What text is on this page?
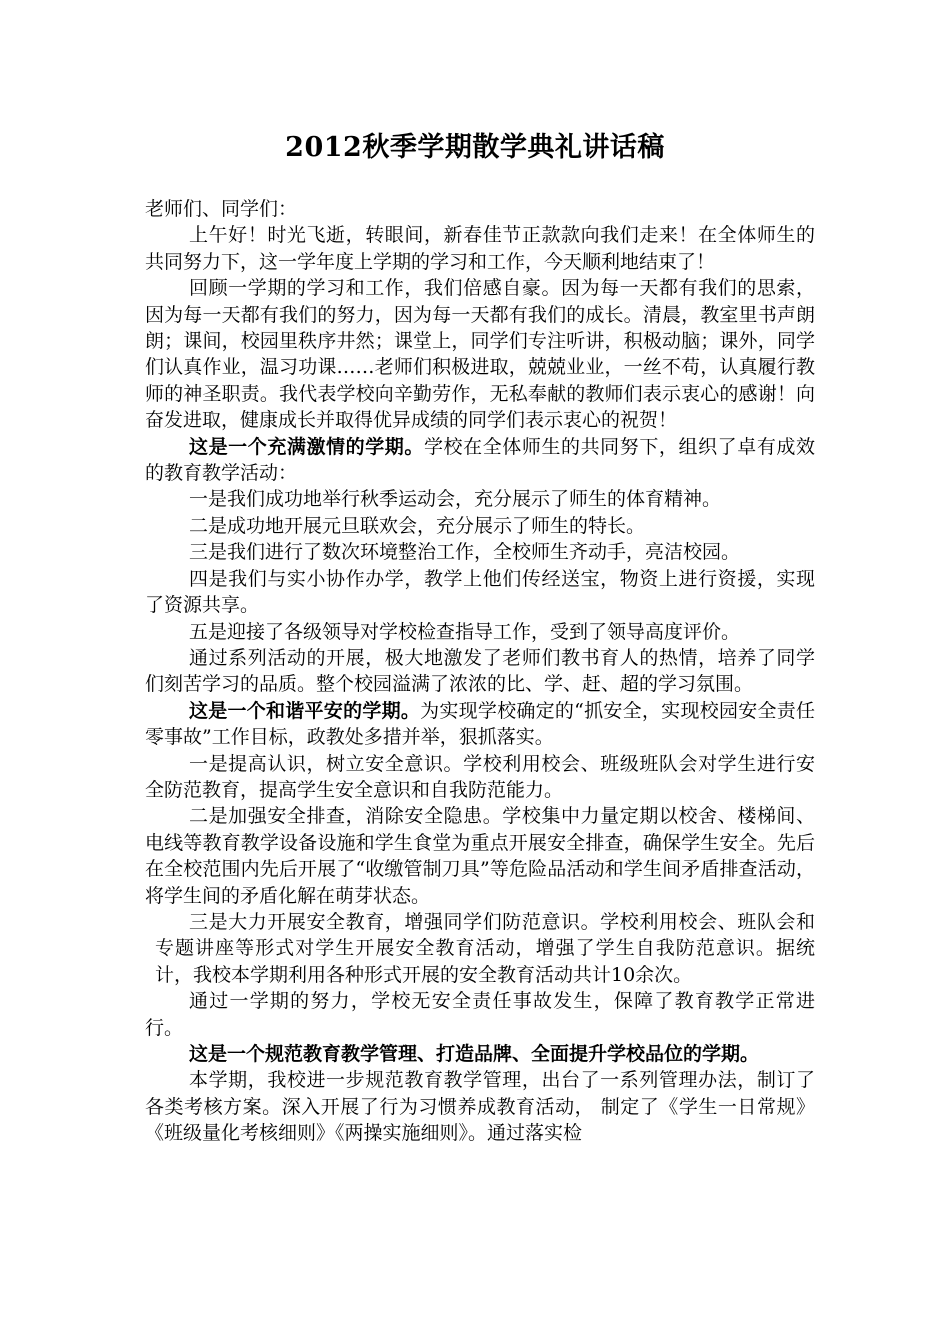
2012秋季学期散学典礼讲话稿

老师们、同学们：

上午好！时光飞逝，转眼间，新春佳节正款款向我们走来！在全体师生的共同努力下，这一学年度上学期的学习和工作，今天顺利地结束了！

回顾一学期的学习和工作，我们倍感自豪。因为每一天都有我们的思索，因为每一天都有我们的努力，因为每一天都有我们的成长。清晨，教室里书声朗朗；课间，校园里秩序井然；课堂上，同学们专注听讲，积极动脑；课外，同学们认真作业，温习功课……老师们积极进取，兢兢业业，一丝不苟，认真履行教师的神圣职责。我代表学校向辛勤劳作，无私奉献的教师们表示衷心的感谢！向奋发进取，健康成长并取得优异成绩的同学们表示衷心的祝贺！

这是一个充满激情的学期。学校在全体师生的共同努下，组织了卓有成效的教育教学活动：

一是我们成功地举行秋季运动会，充分展示了师生的体育精神。

二是成功地开展元旦联欢会，充分展示了师生的特长。

三是我们进行了数次环境整治工作，全校师生齐动手，亮洁校园。

四是我们与实小协作办学，教学上他们传经送宝，物资上进行资援，实现了资源共享。

五是迎接了各级领导对学校检查指导工作，受到了领导高度评价。

通过系列活动的开展，极大地激发了老师们教书育人的热情，培养了同学们刻苦学习的品质。整个校园溢满了浓浓的比、学、赶、超的学习氛围。

这是一个和谐平安的学期。为实现学校确定的“抓安全，实现校园安全责任零事故”工作目标，政教处多措并举，狠抓落实。

一是提高认识，树立安全意识。学校利用校会、班级班队会对学生进行安全防范教育，提高学生安全意识和自我防范能力。

二是加强安全排查，消除安全隐患。学校集中力量定期以校舍、楼梯间、电线等教育教学设备设施和学生食堂为重点开展安全排查，确保学生安全。先后在全校范围内先后开展了“收缴管制刀具”等危险品活动和学生间矛盾排查活动，将学生间的矛盾化解在萌芽状态。

三是大力开展安全教育，增强同学们防范意识。学校利用校会、班队会和专题讲座等形式对学生开展安全教育活动，增强了学生自我防范意识。据统计，我校本学期利用各种形式开展的安全教育活动共计10余次。

通过一学期的努力，学校无安全责任事故发生，保障了教育教学正常进行。

这是一个规范教育教学管理、打造品牌、全面提升学校品位的学期。

本学期，我校进一步规范教育教学管理，出台了一系列管理办法，制订了各类考核方案。深入开展了行为习惯养成教育活动， 制定了《学生一日常规》《班级量化考核细则》《两操实施细则》。通过落实检
